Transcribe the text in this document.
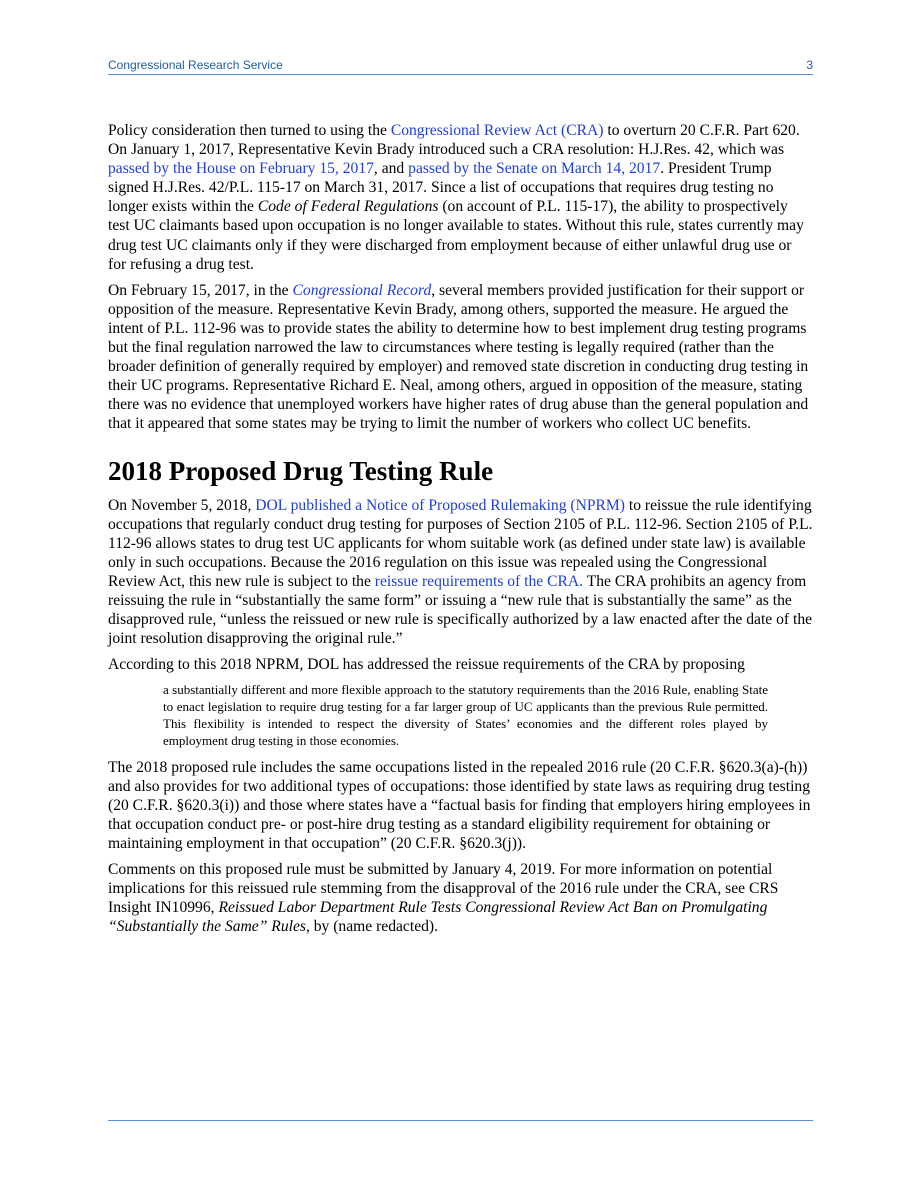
Congressional Research Service	3

Policy consideration then turned to using the Congressional Review Act (CRA) to overturn 20 C.F.R. Part 620. On January 1, 2017, Representative Kevin Brady introduced such a CRA resolution: H.J.Res. 42, which was passed by the House on February 15, 2017, and passed by the Senate on March 14, 2017. President Trump signed H.J.Res. 42/P.L. 115-17 on March 31, 2017. Since a list of occupations that requires drug testing no longer exists within the Code of Federal Regulations (on account of P.L. 115-17), the ability to prospectively test UC claimants based upon occupation is no longer available to states. Without this rule, states currently may drug test UC claimants only if they were discharged from employment because of either unlawful drug use or for refusing a drug test.

On February 15, 2017, in the Congressional Record, several members provided justification for their support or opposition of the measure. Representative Kevin Brady, among others, supported the measure. He argued the intent of P.L. 112-96 was to provide states the ability to determine how to best implement drug testing programs but the final regulation narrowed the law to circumstances where testing is legally required (rather than the broader definition of generally required by employer) and removed state discretion in conducting drug testing in their UC programs. Representative Richard E. Neal, among others, argued in opposition of the measure, stating there was no evidence that unemployed workers have higher rates of drug abuse than the general population and that it appeared that some states may be trying to limit the number of workers who collect UC benefits.

2018 Proposed Drug Testing Rule

On November 5, 2018, DOL published a Notice of Proposed Rulemaking (NPRM) to reissue the rule identifying occupations that regularly conduct drug testing for purposes of Section 2105 of P.L. 112-96. Section 2105 of P.L. 112-96 allows states to drug test UC applicants for whom suitable work (as defined under state law) is available only in such occupations. Because the 2016 regulation on this issue was repealed using the Congressional Review Act, this new rule is subject to the reissue requirements of the CRA. The CRA prohibits an agency from reissuing the rule in “substantially the same form” or issuing a “new rule that is substantially the same” as the disapproved rule, “unless the reissued or new rule is specifically authorized by a law enacted after the date of the joint resolution disapproving the original rule.”

According to this 2018 NPRM, DOL has addressed the reissue requirements of the CRA by proposing

a substantially different and more flexible approach to the statutory requirements than the 2016 Rule, enabling State to enact legislation to require drug testing for a far larger group of UC applicants than the previous Rule permitted. This flexibility is intended to respect the diversity of States’ economies and the different roles played by employment drug testing in those economies.

The 2018 proposed rule includes the same occupations listed in the repealed 2016 rule (20 C.F.R. §620.3(a)-(h)) and also provides for two additional types of occupations: those identified by state laws as requiring drug testing (20 C.F.R. §620.3(i)) and those where states have a “factual basis for finding that employers hiring employees in that occupation conduct pre- or post-hire drug testing as a standard eligibility requirement for obtaining or maintaining employment in that occupation” (20 C.F.R. §620.3(j)).

Comments on this proposed rule must be submitted by January 4, 2019. For more information on potential implications for this reissued rule stemming from the disapproval of the 2016 rule under the CRA, see CRS Insight IN10996, Reissued Labor Department Rule Tests Congressional Review Act Ban on Promulgating “Substantially the Same” Rules, by (name redacted).
